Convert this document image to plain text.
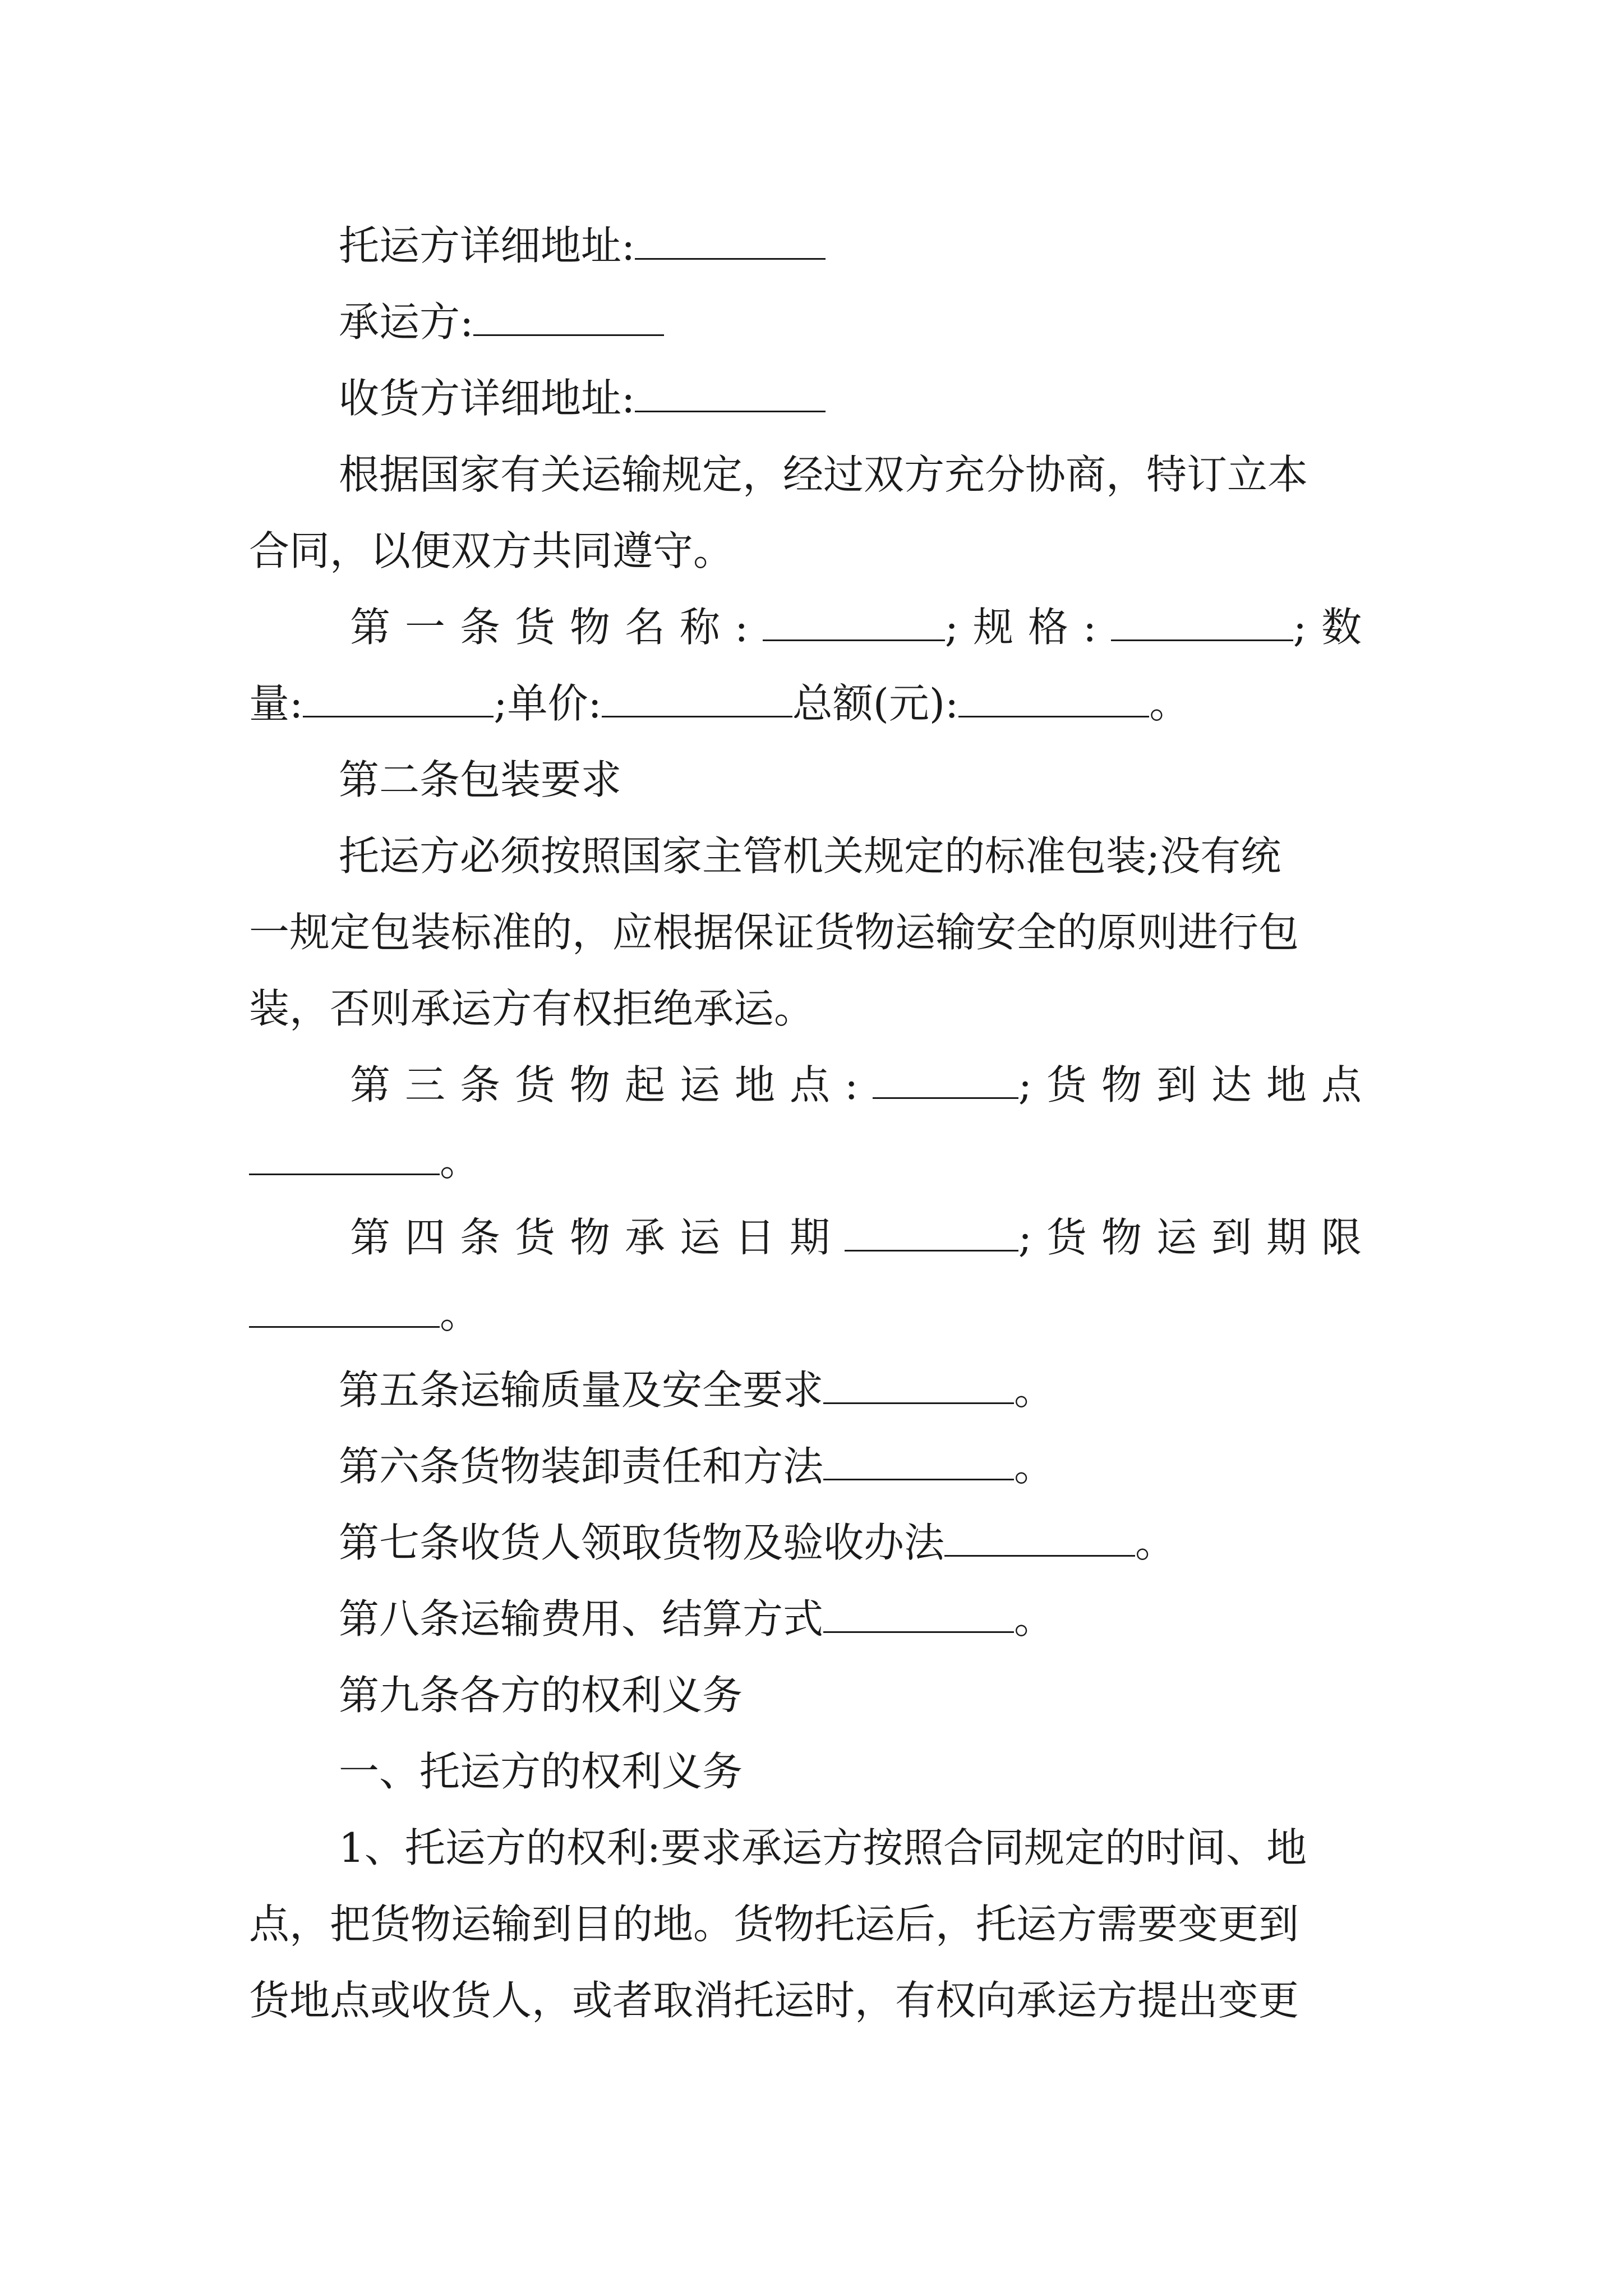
托运方详细地址:
承运方:
收货方详细地址:
根据国家有关运输规定，经过双方充分协商，特订立本
合同，以便双方共同遵守。
第一条货物名称:	;规格:	;数
量:	;单价:	总额(元):	。
第二条包装要求
托运方必须按照国家主管机关规定的标准包装;没有统
一规定包装标准的，应根据保证货物运输安全的原则进行包
装，否则承运方有权拒绝承运。
第三条货物起运地点:	;货物到达地点
。
第四条货物承运日期	;货物运到期限
。
第五条运输质量及安全要求	。
第六条货物装卸责任和方法	。
第七条收货人领取货物及验收办法	。
第八条运输费用、结算方式	。
第九条各方的权利义务
一、托运方的权利义务
1、托运方的权利:要求承运方按照合同规定的时间、地
点，把货物运输到目的地。货物托运后，托运方需要变更到
货地点或收货人，或者取消托运时，有权向承运方提出变更
